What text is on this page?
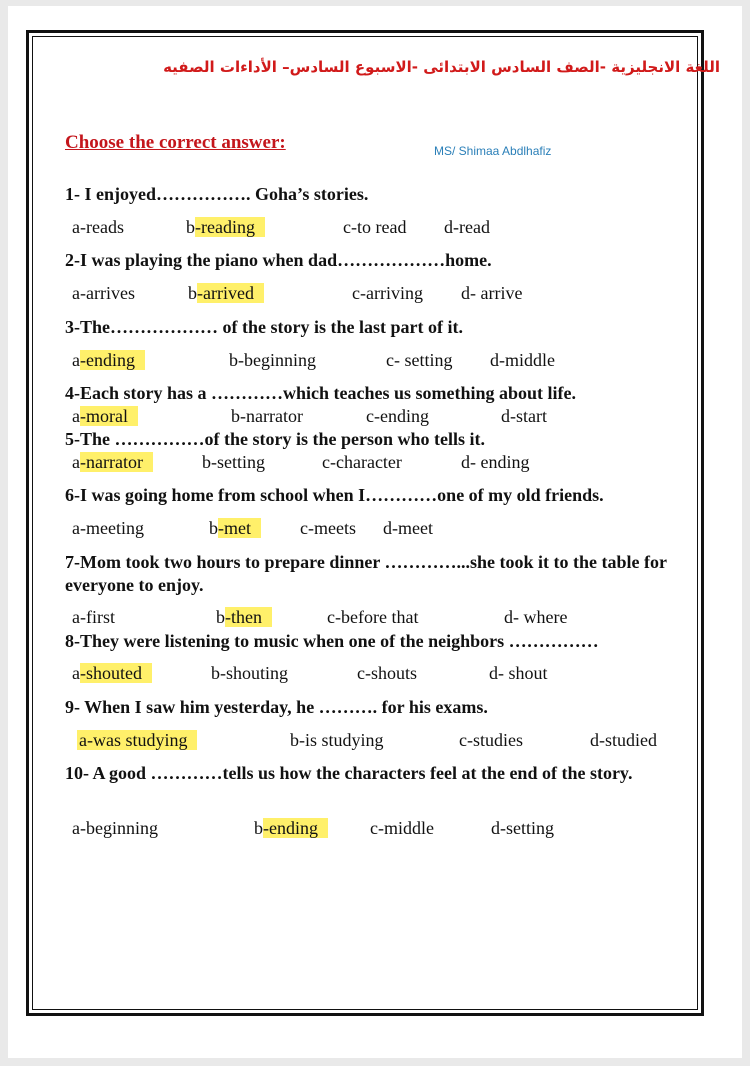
اللغة الانجليزية -الصف السادس الابتدائى -الاسبوع السادس– الأداءات الصفيه
Choose the correct answer:	MS/ Shimaa Abdlhafiz
1- I enjoyed……………. Goha’s stories.
a-reads	b-reading	c-to read d-read
2-I was playing the piano when dad………………home.
a-arrives	b-arrived	c-arriving d- arrive
3-The……………… of the story is the last part of it.
a-ending	b-beginning	c- setting d-middle
4-Each story has a …………which teaches us something about life.
a-moral	b-narrator	c-ending	d-start
5-The ……………of the story is the person who tells it.
a-narrator	b-setting	c-character	d- ending
6-I was going home from school when I…………one of my old friends.
a-meeting	b-met	c-meets d-meet
7-Mom took two hours to prepare dinner …………...she took it to the table for everyone to enjoy.
a-first	b-then	c-before that	d- where
8-They were listening to music when one of the neighbors ……………
a-shouted	b-shouting	c-shouts	d- shout
9- When I saw him yesterday, he ………. for his exams.
a-was studying	b-is studying	c-studies	d-studied
10- A good …………tells us how the characters feel at the end of the story.
a-beginning	b-ending	c-middle	d-setting
